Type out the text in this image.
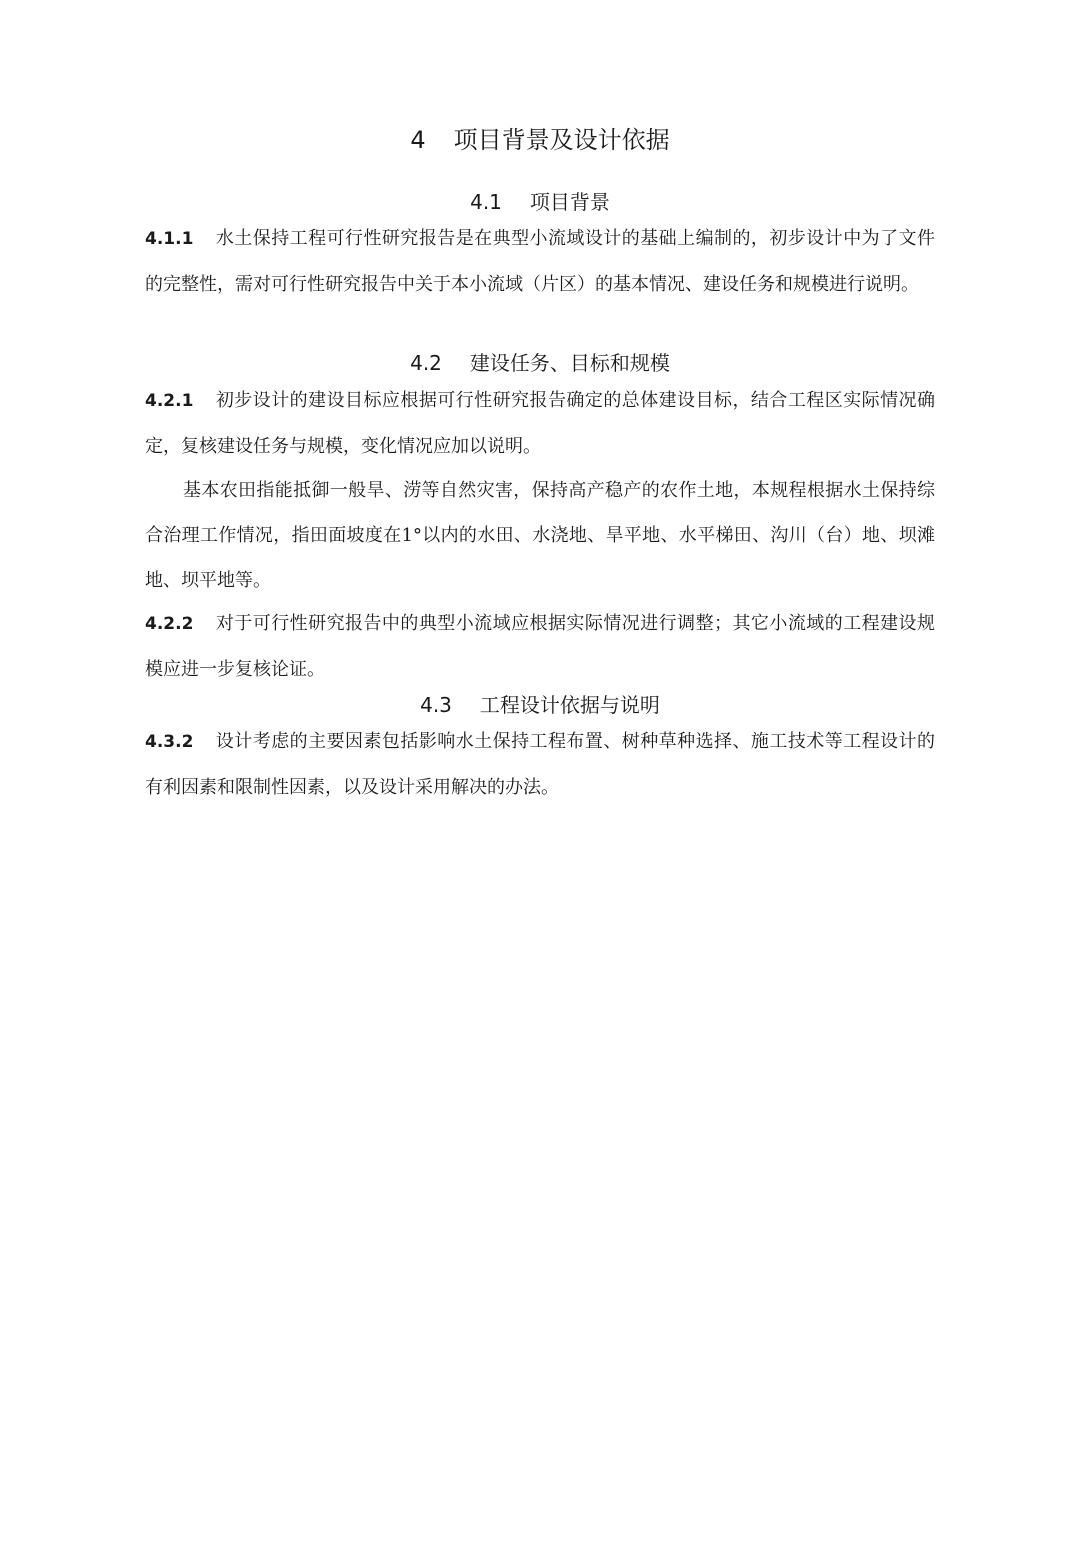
4 项目背景及设计依据
4.1 项目背景

4.1.1 水土保持工程可行性研究报告是在典型小流域设计的基础上编制的，初步设计中为了文件的完整性，需对可行性研究报告中关于本小流域（片区）的基本情况、建设任务和规模进行说明。

4.2 建设任务、目标和规模

4.2.1 初步设计的建设目标应根据可行性研究报告确定的总体建设目标，结合工程区实际情况确定，复核建设任务与规模，变化情况应加以说明。

基本农田指能抵御一般旱、涝等自然灾害，保持高产稳产的农作土地，本规程根据水土保持综合治理工作情况，指田面坡度在1°以内的水田、水浇地、旱平地、水平梯田、沟川（台）地、坝滩地、坝平地等。

4.2.2 对于可行性研究报告中的典型小流域应根据实际情况进行调整；其它小流域的工程建设规模应进一步复核论证。

4.3 工程设计依据与说明

4.3.2 设计考虑的主要因素包括影响水土保持工程布置、树种草种选择、施工技术等工程设计的有利因素和限制性因素，以及设计采用解决的办法。
